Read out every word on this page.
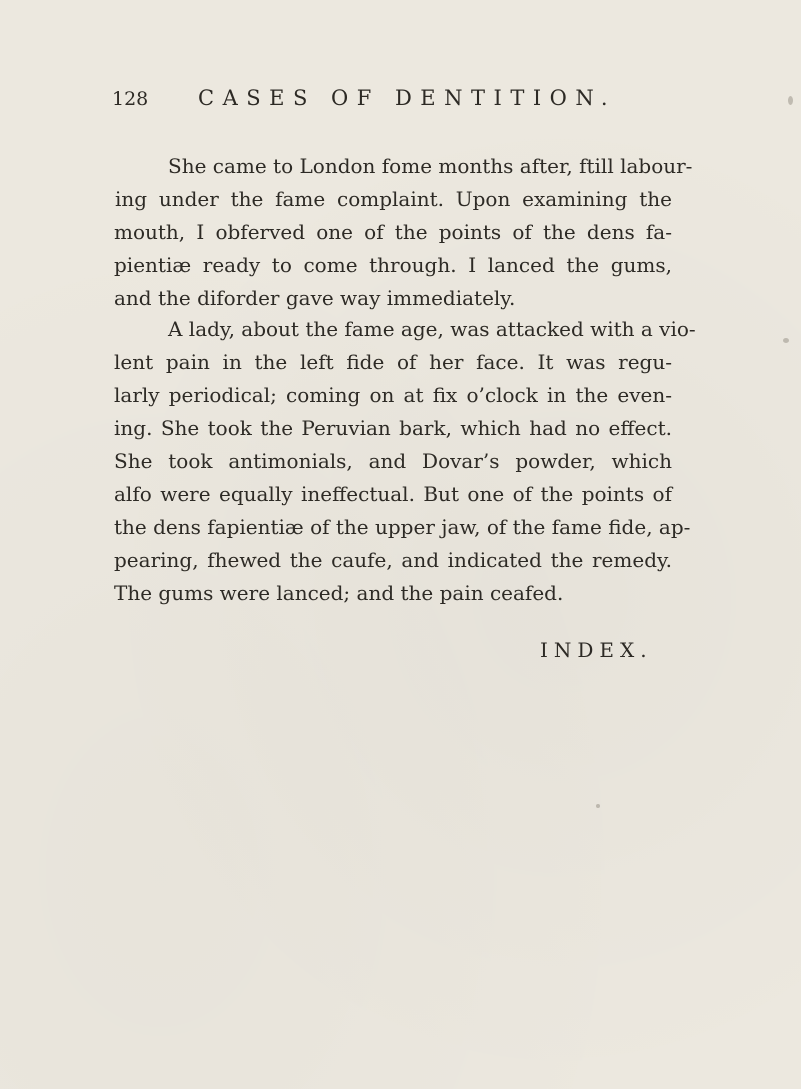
128 CASES OF DENTITION.
She came to London fome months after, ftill labour-
ing under the fame complaint. Upon examining the
mouth, I obferved one of the points of the dens fa-
pientiæ ready to come through. I lanced the gums,
and the diforder gave way immediately.
A lady, about the fame age, was attacked with a vio-
lent pain in the left fide of her face. It was regu-
larly periodical; coming on at fix o’clock in the even-
ing. She took the Peruvian bark, which had no effect.
She took antimonials, and Dovar’s powder, which
alfo were equally ineffectual. But one of the points of
the dens fapientiæ of the upper jaw, of the fame fide, ap-
pearing, fhewed the caufe, and indicated the remedy.
The gums were lanced; and the pain ceafed.
INDEX.
